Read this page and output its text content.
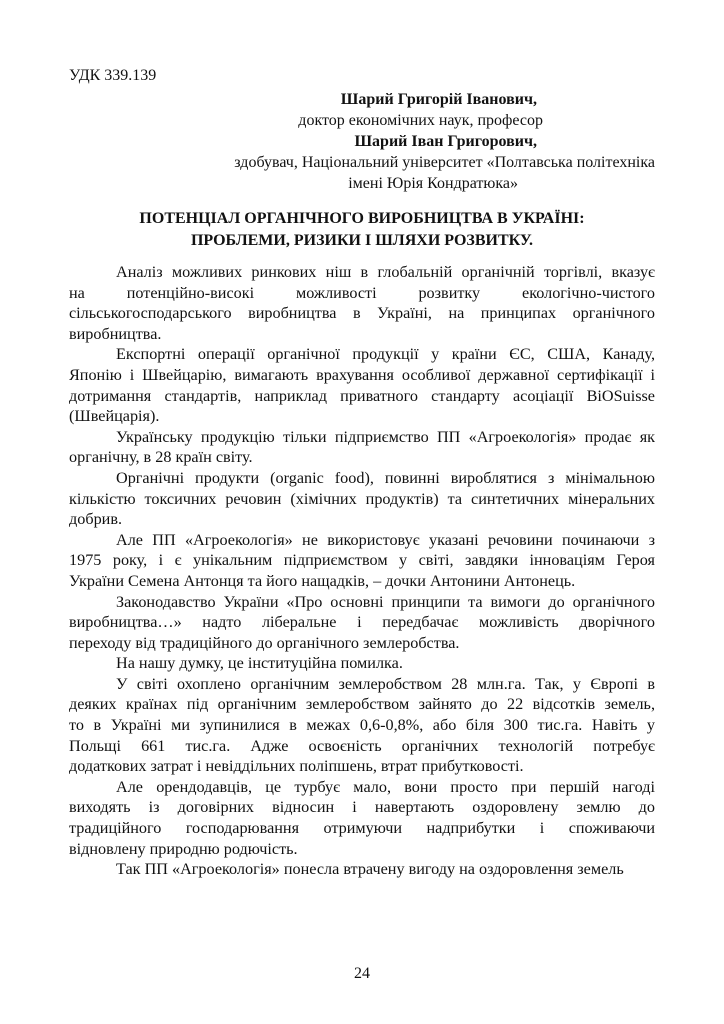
УДК 339.139
Шарий Григорій Іванович,
доктор економічних наук, професор
Шарий Іван Григорович,
здобувач, Національний університет «Полтавська політехніка
імені Юрія Кондратюка»
ПОТЕНЦІАЛ ОРГАНІЧНОГО ВИРОБНИЦТВА В УКРАЇНІ:
ПРОБЛЕМИ, РИЗИКИ І ШЛЯХИ РОЗВИТКУ.

Аналіз можливих ринкових ніш в глобальній органічній торгівлі, вказує
на потенційно-високі можливості розвитку екологічно-чистого
сільськогосподарського виробництва в Україні, на принципах органічного
виробництва.

Експортні операції органічної продукції у країни ЄС, США, Канаду,
Японію і Швейцарію, вимагають врахування особливої державної сертифікації і
дотримання стандартів, наприклад приватного стандарту асоціації BiOSuisse
(Швейцарія).

Українську продукцію тільки підприємство ПП «Агроекологія» продає як
органічну, в 28 країн світу.

Органічні продукти (organic food), повинні вироблятися з мінімальною
кількістю токсичних речовин (хімічних продуктів) та синтетичних мінеральних
добрив.

Але ПП «Агроекологія» не використовує указані речовини починаючи з
1975 року, і є унікальним підприємством у світі, завдяки інноваціям Героя
України Семена Антонця та його нащадків, – дочки Антонини Антонець.

Законодавство України «Про основні принципи та вимоги до органічного
виробництва…» надто ліберальне і передбачає можливість дворічного
переходу від традиційного до органічного землеробства.

На нашу думку, це інституційна помилка.

У світі охоплено органічним землеробством 28 млн.га. Так, у Європі в
деяких країнах під органічним землеробством зайнято до 22 відсотків земель,
то в Україні ми зупинилися в межах 0,6-0,8%, або біля 300 тис.га. Навіть у
Польщі 661 тис.га. Адже освоєність органічних технологій потребує
додаткових затрат і невіддільних поліпшень, втрат прибутковості.

Але орендодавців, це турбує мало, вони просто при першій нагоді
виходять із договірних відносин і навертають оздоровлену землю до
традиційного господарювання отримуючи надприбутки і споживаючи
відновлену природню родючість.

Так ПП «Агроекологія» понесла втрачену вигоду на оздоровлення земель

24
